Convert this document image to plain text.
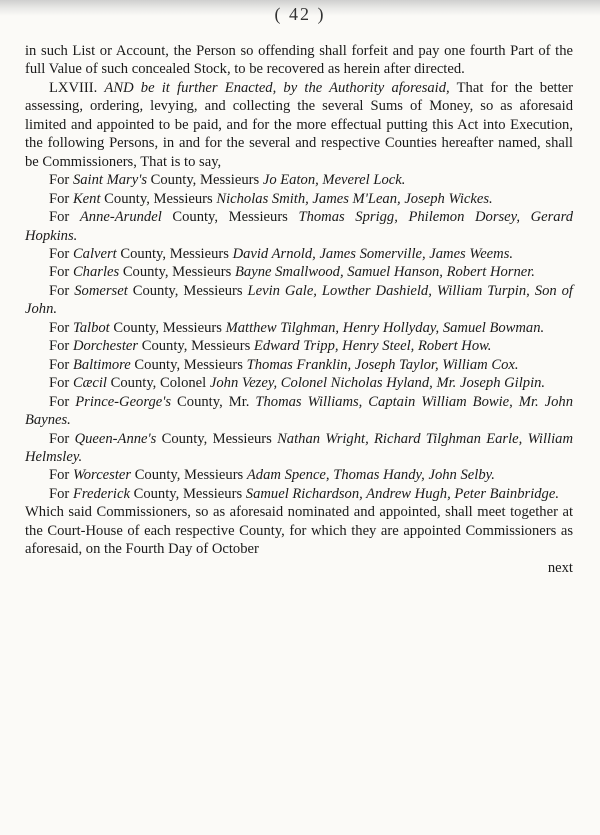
( 42 )

in such List or Account, the Person so offending shall forfeit and pay one fourth Part of the full Value of such concealed Stock, to be recovered as herein after directed.

LXVIII. AND be it further Enacted, by the Authority aforesaid, That for the better assessing, ordering, levying, and collecting the several Sums of Money, so as aforesaid limited and appointed to be paid, and for the more effectual putting this Act into Execution, the following Persons, in and for the several and respective Counties hereafter named, shall be Commissioners, That is to say,

For Saint Mary's County, Messieurs Jo Eaton, Meverel Lock.

For Kent County, Messieurs Nicholas Smith, James M'Lean, Joseph Wickes.

For Anne-Arundel County, Messieurs Thomas Sprigg, Philemon Dorsey, Gerard Hopkins.

For Calvert County, Messieurs David Arnold, James Somerville, James Weems.

For Charles County, Messieurs Bayne Smallwood, Samuel Hanson, Robert Horner.

For Somerset County, Messieurs Levin Gale, Lowther Dashield, William Turpin, Son of John.

For Talbot County, Messieurs Matthew Tilghman, Henry Hollyday, Samuel Bowman.

For Dorchester County, Messieurs Edward Tripp, Henry Steel, Robert How.

For Baltimore County, Messieurs Thomas Franklin, Joseph Taylor, William Cox.

For Cæcil County, Colonel John Vezey, Colonel Nicholas Hyland, Mr. Joseph Gilpin.

For Prince-George's County, Mr. Thomas Williams, Captain William Bowie, Mr. John Baynes.

For Queen-Anne's County, Messieurs Nathan Wright, Richard Tilghman Earle, William Helmsley.

For Worcester County, Messieurs Adam Spence, Thomas Handy, John Selby.

For Frederick County, Messieurs Samuel Richardson, Andrew Hugh, Peter Bainbridge.

Which said Commissioners, so as aforesaid nominated and appointed, shall meet together at the Court-House of each respective County, for which they are appointed Commissioners as aforesaid, on the Fourth Day of October

next
